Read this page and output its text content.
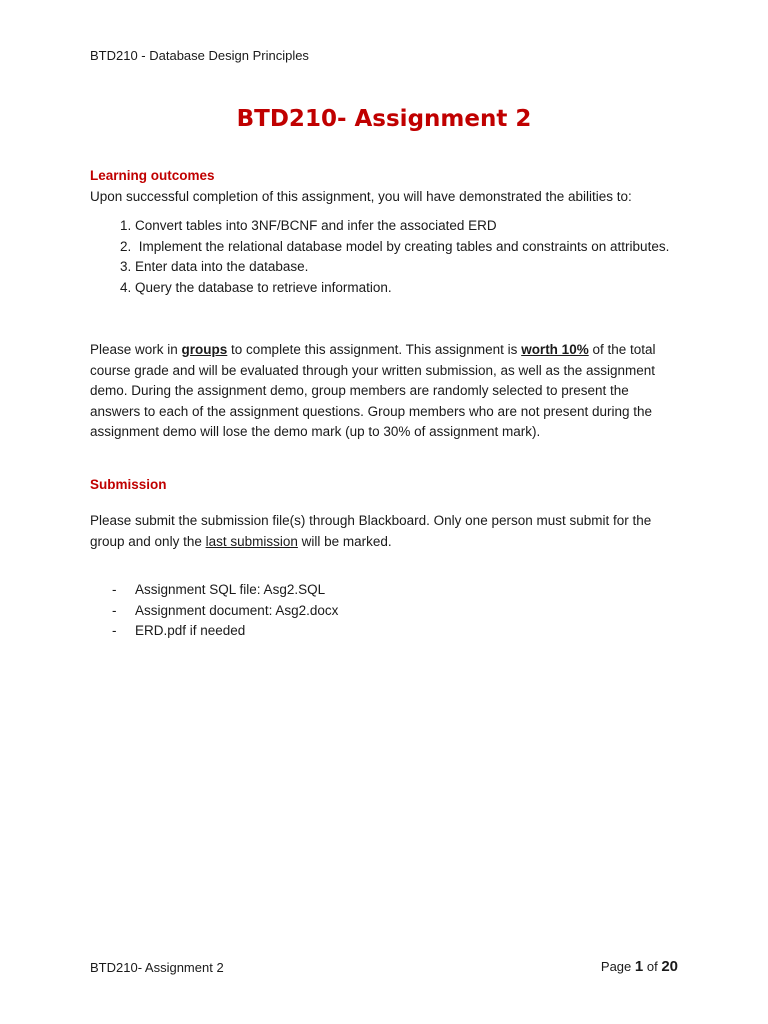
BTD210 - Database Design Principles
BTD210- Assignment 2
Learning outcomes

Upon successful completion of this assignment, you will have demonstrated the abilities to:

1. Convert tables into 3NF/BCNF and infer the associated ERD
2.  Implement the relational database model by creating tables and constraints on attributes.
3. Enter data into the database.
4. Query the database to retrieve information.

Please work in groups to complete this assignment. This assignment is worth 10% of the total course grade and will be evaluated through your written submission, as well as the assignment demo. During the assignment demo, group members are randomly selected to present the answers to each of the assignment questions. Group members who are not present during the assignment demo will lose the demo mark (up to 30% of assignment mark).

Submission

Please submit the submission file(s) through Blackboard. Only one person must submit for the group and only the last submission will be marked.

- Assignment SQL file: Asg2.SQL
- Assignment document: Asg2.docx
- ERD.pdf if needed
BTD210- Assignment 2	Page 1 of 20
